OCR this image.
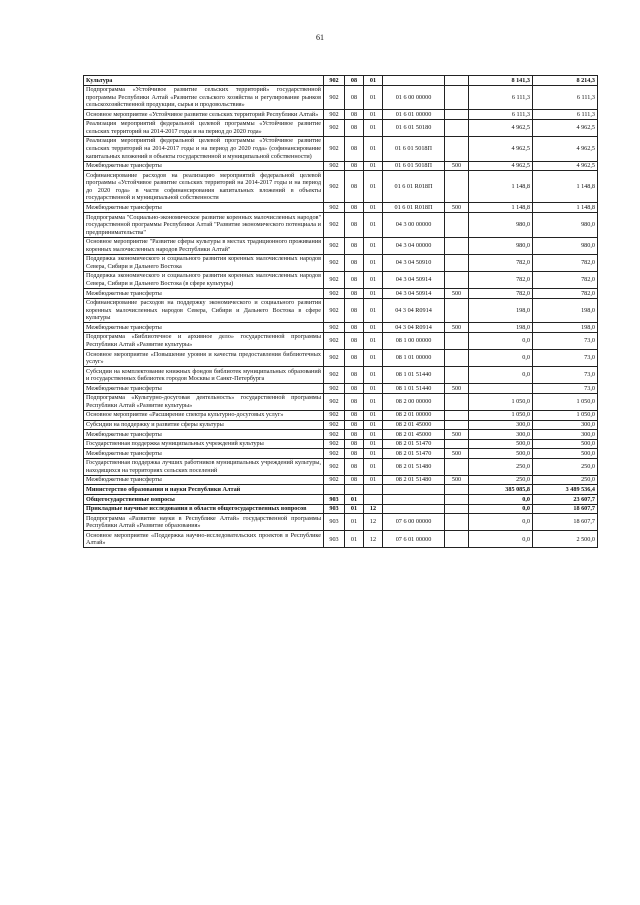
61
Культура	902	08	01			8 141,3	8 214,3
Подпрограмма «Устойчивое развитие сельских территорий» государственной программы Республики Алтай «Развитие сельского хозяйства и регулирование рынков сельскохозяйственной продукции, сырья и продовольствия»	902	08	01	01 6 00 00000		6 111,3	6 111,3
Основное мероприятие «Устойчивое развитие сельских территорий Республики Алтай»	902	08	01	01 6 01 00000		6 111,3	6 111,3
Реализация мероприятий федеральной целевой программы «Устойчивое развитие сельских территорий на 2014-2017 годы и на период до 2020 года»	902	08	01	01 6 01 50180		4 962,5	4 962,5
Реализация мероприятий федеральной целевой программы «Устойчивое развитие сельских территорий на 2014-2017 годы и на период до 2020 года» (софинансирование капитальных вложений в объекты государственной и муниципальной собственности)	902	08	01	01 6 01 5018П		4 962,5	4 962,5
Межбюджетные трансферты	902	08	01	01 6 01 5018П	500	4 962,5	4 962,5
Софинансирование расходов на реализацию мероприятий федеральной целевой программы «Устойчивое развитие сельских территорий на 2014-2017 годы и на период до 2020 года» в части софинансирования капитальных вложений в объекты государственной и муниципальной собственности	902	08	01	01 6 01 R018П		1 148,8	1 148,8
Межбюджетные трансферты	902	08	01	01 6 01 R018П	500	1 148,8	1 148,8
Подпрограмма "Социально-экономическое развитие коренных малочисленных народов" государственной программы Республики Алтай "Развитие экономического потенциала и предпринимательства"	902	08	01	04 3 00 00000		980,0	980,0
Основное мероприятие "Развитие сферы культуры в местах традиционного проживания коренных малочисленных народов Республики Алтай"	902	08	01	04 3 04 00000		980,0	980,0
Поддержка экономического и социального развития коренных малочисленных народов Севера, Сибири и Дальнего Востока	902	08	01	04 3 04 50910		782,0	782,0
Поддержка экономического и социального развития коренных малочисленных народов Севера, Сибири и Дальнего Востока (в сфере культуры)	902	08	01	04 3 04 50914		782,0	782,0
Межбюджетные трансферты	902	08	01	04 3 04 50914	500	782,0	782,0
Софинансирование расходов на поддержку экономического и социального развития коренных малочисленных народов Севера, Сибири и Дальнего Востока в сфере культуры	902	08	01	04 3 04 R0914		198,0	198,0
Межбюджетные трансферты	902	08	01	04 3 04 R0914	500	198,0	198,0
Подпрограмма «Библиотечное и архивное дело» государственной программы Республики Алтай «Развитие культуры»	902	08	01	08 1 00 00000		0,0	73,0
Основное мероприятие «Повышение уровня и качества предоставления библиотечных услуг»	902	08	01	08 1 01 00000		0,0	73,0
Субсидии на комплектование книжных фондов библиотек муниципальных образований и государственных библиотек городов Москвы и Санкт-Петербурга	902	08	01	08 1 01 51440		0,0	73,0
Межбюджетные трансферты	902	08	01	08 1 01 51440	500		73,0
Подпрограмма «Культурно-досуговая деятельность» государственной программы Республики Алтай «Развитие культуры»	902	08	01	08 2 00 00000		1 050,0	1 050,0
Основное мероприятие «Расширение спектра культурно-досуговых услуг»	902	08	01	08 2 01 00000		1 050,0	1 050,0
Субсидии на поддержку и развитие сферы культуры	902	08	01	08 2 01 45000		300,0	300,0
Межбюджетные трансферты	902	08	01	08 2 01 45000	500	300,0	300,0
Государственная поддержка муниципальных учреждений культуры	902	08	01	08 2 01 51470		500,0	500,0
Межбюджетные трансферты	902	08	01	08 2 01 51470	500	500,0	500,0
Государственная поддержка лучших работников муниципальных учреждений культуры, находящихся на территориях сельских поселений	902	08	01	08 2 01 51480		250,0	250,0
Межбюджетные трансферты	902	08	01	08 2 01 51480	500	250,0	250,0
Министерство образования и науки Республики Алтай						385 085,8	3 489 536,4
Общегосударственные вопросы	903	01				0,0	23 607,7
Прикладные научные исследования в области общегосударственных вопросов	903	01	12			0,0	18 607,7
Подпрограмма «Развитие науки в Республике Алтай» государственной программы Республики Алтай «Развитие образования»	903	01	12	07 6 00 00000		0,0	18 607,7
Основное мероприятие «Поддержка научно-исследовательских проектов в Республике Алтай»	903	01	12	07 6 01 00000		0,0	2 500,0
